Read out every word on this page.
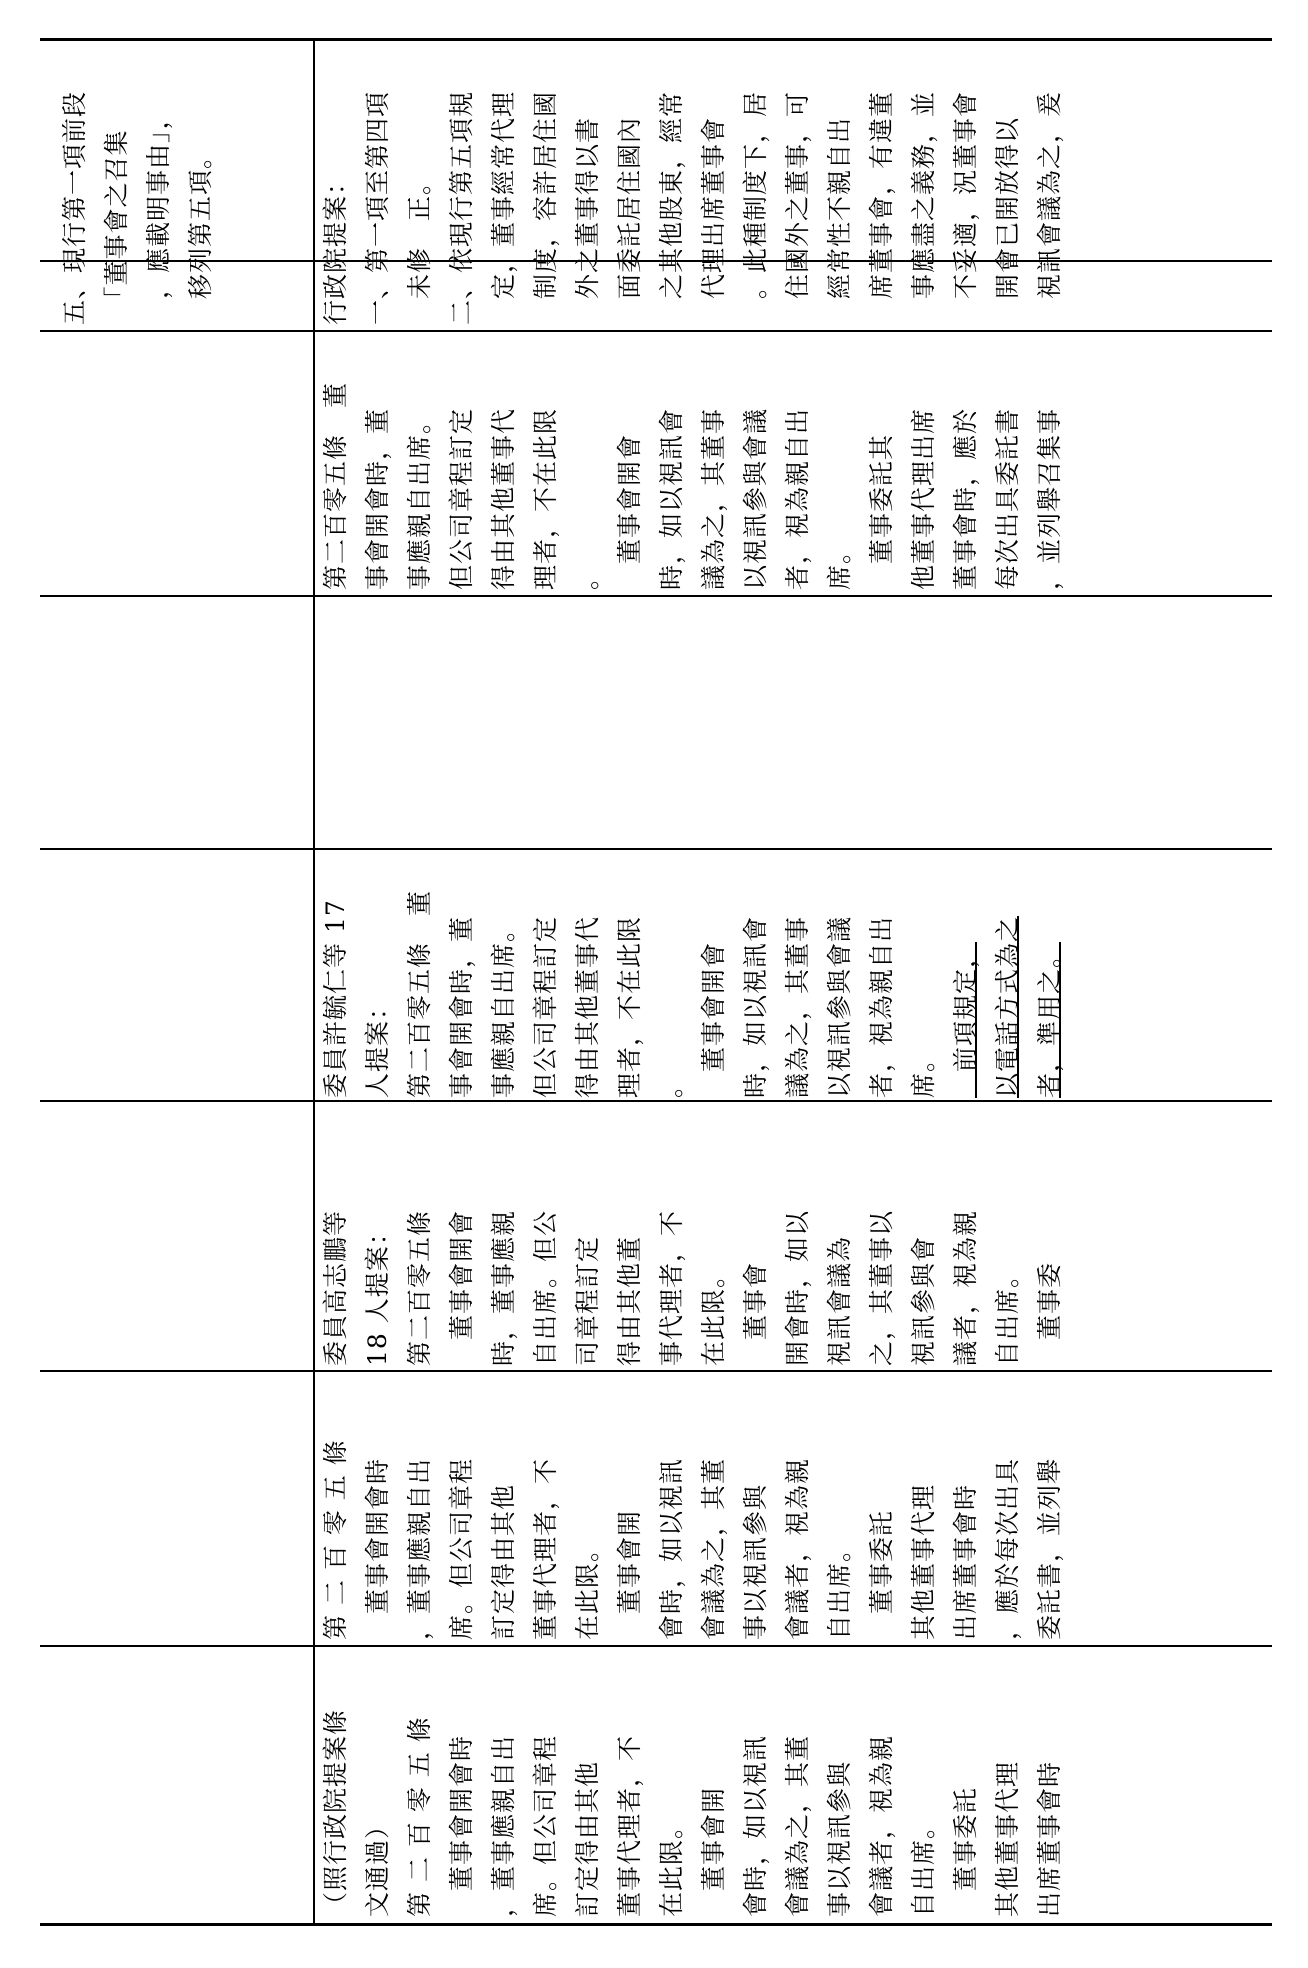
（照行政院提案條 文通過） 第 二 百 零 五 條 　董事會開會時 ，董事應親自出 席。但公司章程 訂定得由其他 董事代理者，不 在此限。 　董事會開 會時，如以視訊 會議為之，其董 事以視訊參與 會議者，視為親 自出席。 　董事委託 其他董事代理 出席董事會時
第 二 百 零 五 條 　董事會開會時 ，董事應親自出 席。但公司章程 訂定得由其他 董事代理者，不 在此限。 　董事會開 會時，如以視訊 會議為之，其董 事以視訊參與 會議者，視為親 自出席。 　董事委託 其他董事代理 出席董事會時 ，應於每次出具 委託書，並列舉
委員高志鵬等 18 人提案： 第二百零五條 　董事會開會 時，董事應親 自出席。但公 司章程訂定 得由其他董 事代理者，不 在此限。 　董事會 開會時，如以 視訊會議為 之，其董事以 視訊參與會 議者，視為親 自出席。 　董事委
委員許毓仁等 17 人提案： 第二百零五條　董 事會開會時，董 事應親自出席。 但公司章程訂定 得由其他董事代 理者，不在此限 。 　董事會開會 時，如以視訊會 議為之，其董事 以視訊參與會議 者，視為親自出 席。 　前項規定， 以電話方式為之 者，準用之。
第二百零五條　董 事會開會時，董 事應親自出席。 但公司章程訂定 得由其他董事代 理者，不在此限 。 　董事會開會 時，如以視訊會 議為之，其董事 以視訊參與會議 者，視為親自出 席。 　董事委託其 他董事代理出席 董事會時，應於 每次出具委託書 ，並列舉召集事
五、現行第一項前段 　「董事會之召集 　，應載明事由」， 　移列第五項。	行政院提案： 一、第一項至第四項 　未修　正。 二、依現行第五項規 　定，董事經常代理 　制度，容許居住國 　外之董事得以書 　面委託居住國內 　之其他股東，經常 　代理出席董事會 　。此種制度下，居 　住國外之董事，可 　經常性不親自出 　席董事會，有違董 　事應盡之義務，並 　不妥適，況董事會 　開會已開放得以 　視訊會議為之，爰
